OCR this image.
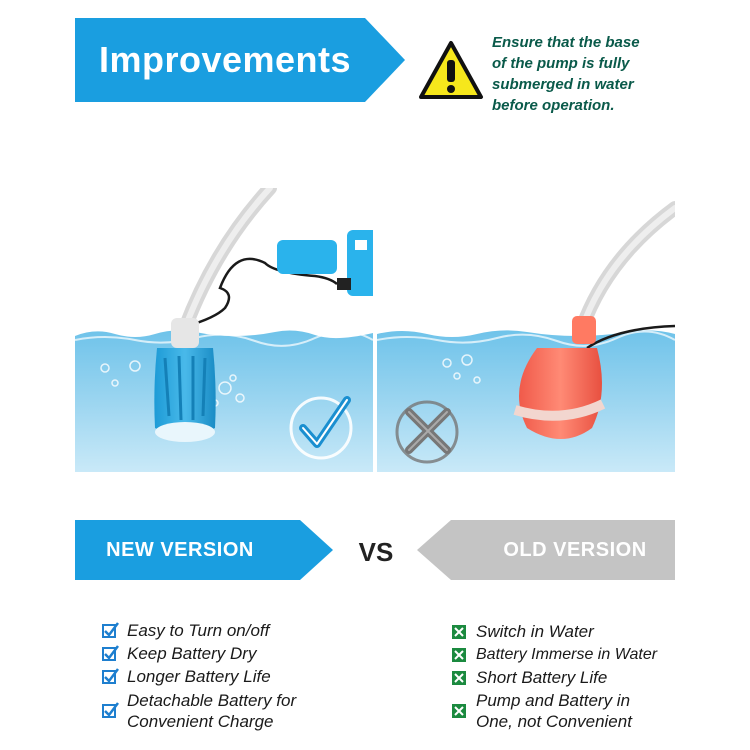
Improvements	Ensure that the base
of the pump is fully
submerged in water
before operation.
NEW VERSION	VS	OLD VERSION
Easy to Turn on/off
Keep Battery Dry
Longer Battery Life
Detachable Battery for
Convenient Charge
Switch in Water
Battery Immerse in Water
Short Battery Life
Pump and Battery in
One, not Convenient
